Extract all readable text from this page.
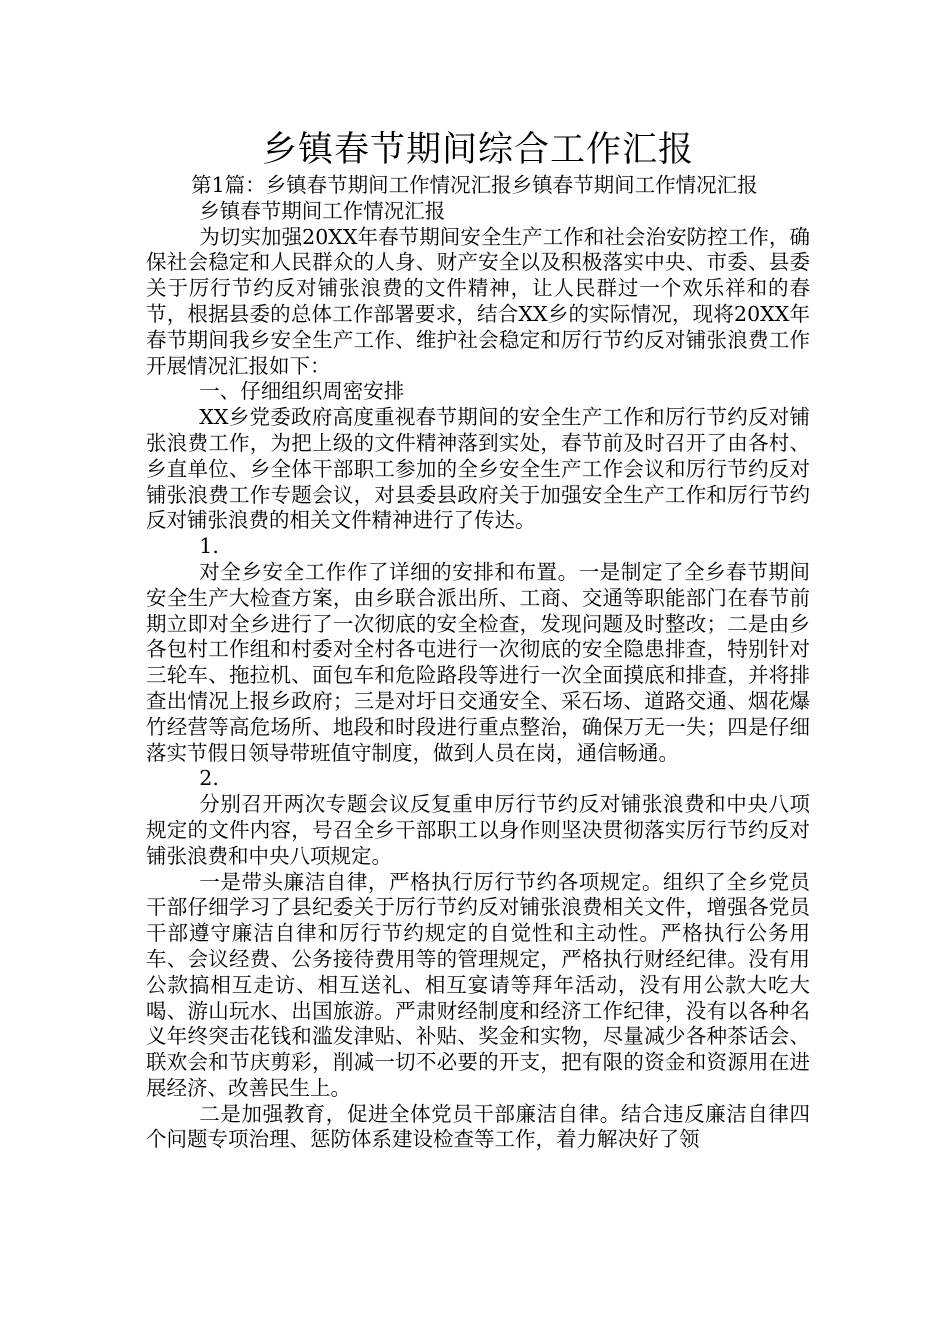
乡镇春节期间综合工作汇报

第1篇：乡镇春节期间工作情况汇报乡镇春节期间工作情况汇报

乡镇春节期间工作情况汇报

为切实加强20XX年春节期间安全生产工作和社会治安防控工作，确保社会稳定和人民群众的人身、财产安全以及积极落实中央、市委、县委关于厉行节约反对铺张浪费的文件精神，让人民群过一个欢乐祥和的春节，根据县委的总体工作部署要求，结合XX乡的实际情况，现将20XX年春节期间我乡安全生产工作、维护社会稳定和厉行节约反对铺张浪费工作开展情况汇报如下：

一、仔细组织周密安排

XX乡党委政府高度重视春节期间的安全生产工作和厉行节约反对铺张浪费工作，为把上级的文件精神落到实处，春节前及时召开了由各村、乡直单位、乡全体干部职工参加的全乡安全生产工作会议和厉行节约反对铺张浪费工作专题会议，对县委县政府关于加强安全生产工作和厉行节约反对铺张浪费的相关文件精神进行了传达。

1.

对全乡安全工作作了详细的安排和布置。一是制定了全乡春节期间安全生产大检查方案，由乡联合派出所、工商、交通等职能部门在春节前期立即对全乡进行了一次彻底的安全检查，发现问题及时整改；二是由乡各包村工作组和村委对全村各屯进行一次彻底的安全隐患排查，特别针对三轮车、拖拉机、面包车和危险路段等进行一次全面摸底和排查，并将排查出情况上报乡政府；三是对圩日交通安全、采石场、道路交通、烟花爆竹经营等高危场所、地段和时段进行重点整治，确保万无一失；四是仔细落实节假日领导带班值守制度，做到人员在岗，通信畅通。

2.

分别召开两次专题会议反复重申厉行节约反对铺张浪费和中央八项规定的文件内容，号召全乡干部职工以身作则坚决贯彻落实厉行节约反对铺张浪费和中央八项规定。

一是带头廉洁自律，严格执行厉行节约各项规定。组织了全乡党员干部仔细学习了县纪委关于厉行节约反对铺张浪费相关文件，增强各党员干部遵守廉洁自律和厉行节约规定的自觉性和主动性。严格执行公务用车、会议经费、公务接待费用等的管理规定，严格执行财经纪律。没有用公款搞相互走访、相互送礼、相互宴请等拜年活动，没有用公款大吃大喝、游山玩水、出国旅游。严肃财经制度和经济工作纪律，没有以各种名义年终突击花钱和滥发津贴、补贴、奖金和实物，尽量减少各种茶话会、联欢会和节庆剪彩，削减一切不必要的开支，把有限的资金和资源用在进展经济、改善民生上。

二是加强教育，促进全体党员干部廉洁自律。结合违反廉洁自律四个问题专项治理、惩防体系建设检查等工作，着力解决好了领
